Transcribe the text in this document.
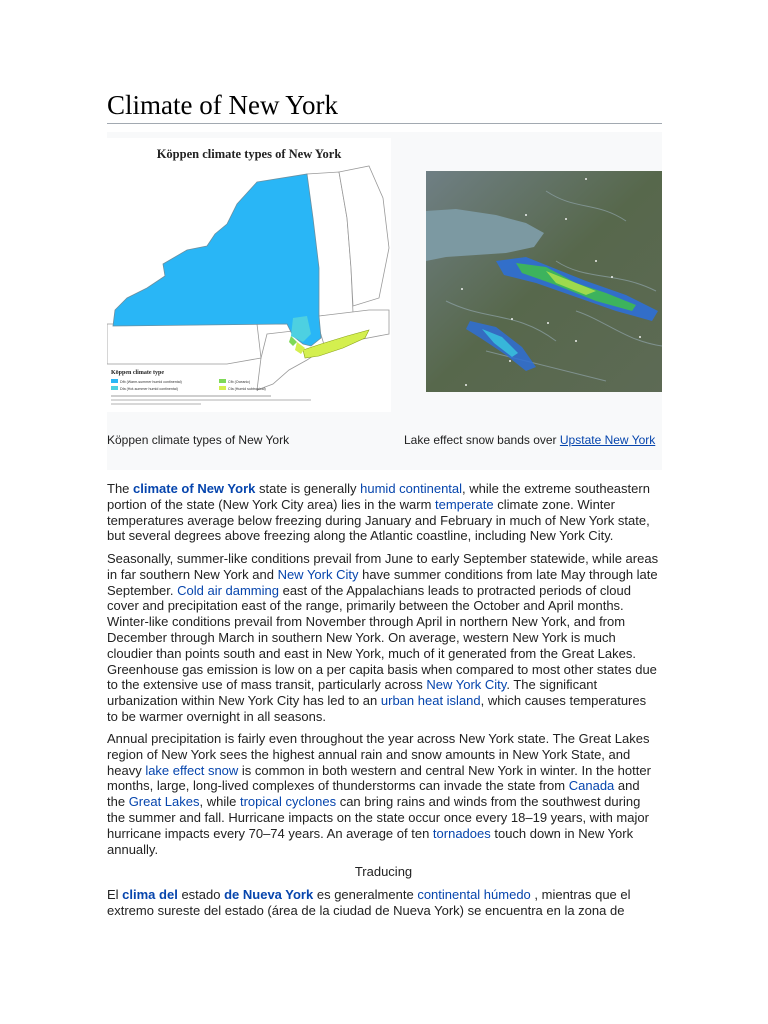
Climate of New York
Köppen climate types of New York
Köppen climate type
Dfb (Warm-summer humid continental)
Dfa (Hot-summer humid continental)
Cfb (Oceanic)
Cfa (Humid subtropical)
Köppen climate types of New York	Lake effect snow bands over Upstate New York

The climate of New York state is generally humid continental, while the extreme southeastern portion of the state (New York City area) lies in the warm temperate climate zone. Winter temperatures average below freezing during January and February in much of New York state, but several degrees above freezing along the Atlantic coastline, including New York City.

Seasonally, summer-like conditions prevail from June to early September statewide, while areas in far southern New York and New York City have summer conditions from late May through late September. Cold air damming east of the Appalachians leads to protracted periods of cloud cover and precipitation east of the range, primarily between the October and April months. Winter-like conditions prevail from November through April in northern New York, and from December through March in southern New York. On average, western New York is much cloudier than points south and east in New York, much of it generated from the Great Lakes. Greenhouse gas emission is low on a per capita basis when compared to most other states due to the extensive use of mass transit, particularly across New York City. The significant urbanization within New York City has led to an urban heat island, which causes temperatures to be warmer overnight in all seasons.

Annual precipitation is fairly even throughout the year across New York state. The Great Lakes region of New York sees the highest annual rain and snow amounts in New York State, and heavy lake effect snow is common in both western and central New York in winter. In the hotter months, large, long-lived complexes of thunderstorms can invade the state from Canada and the Great Lakes, while tropical cyclones can bring rains and winds from the southwest during the summer and fall. Hurricane impacts on the state occur once every 18–19 years, with major hurricane impacts every 70–74 years. An average of ten tornadoes touch down in New York annually.

Traducing

El clima del estado de Nueva York es generalmente continental húmedo , mientras que el extremo sureste del estado (área de la ciudad de Nueva York) se encuentra en la zona de
